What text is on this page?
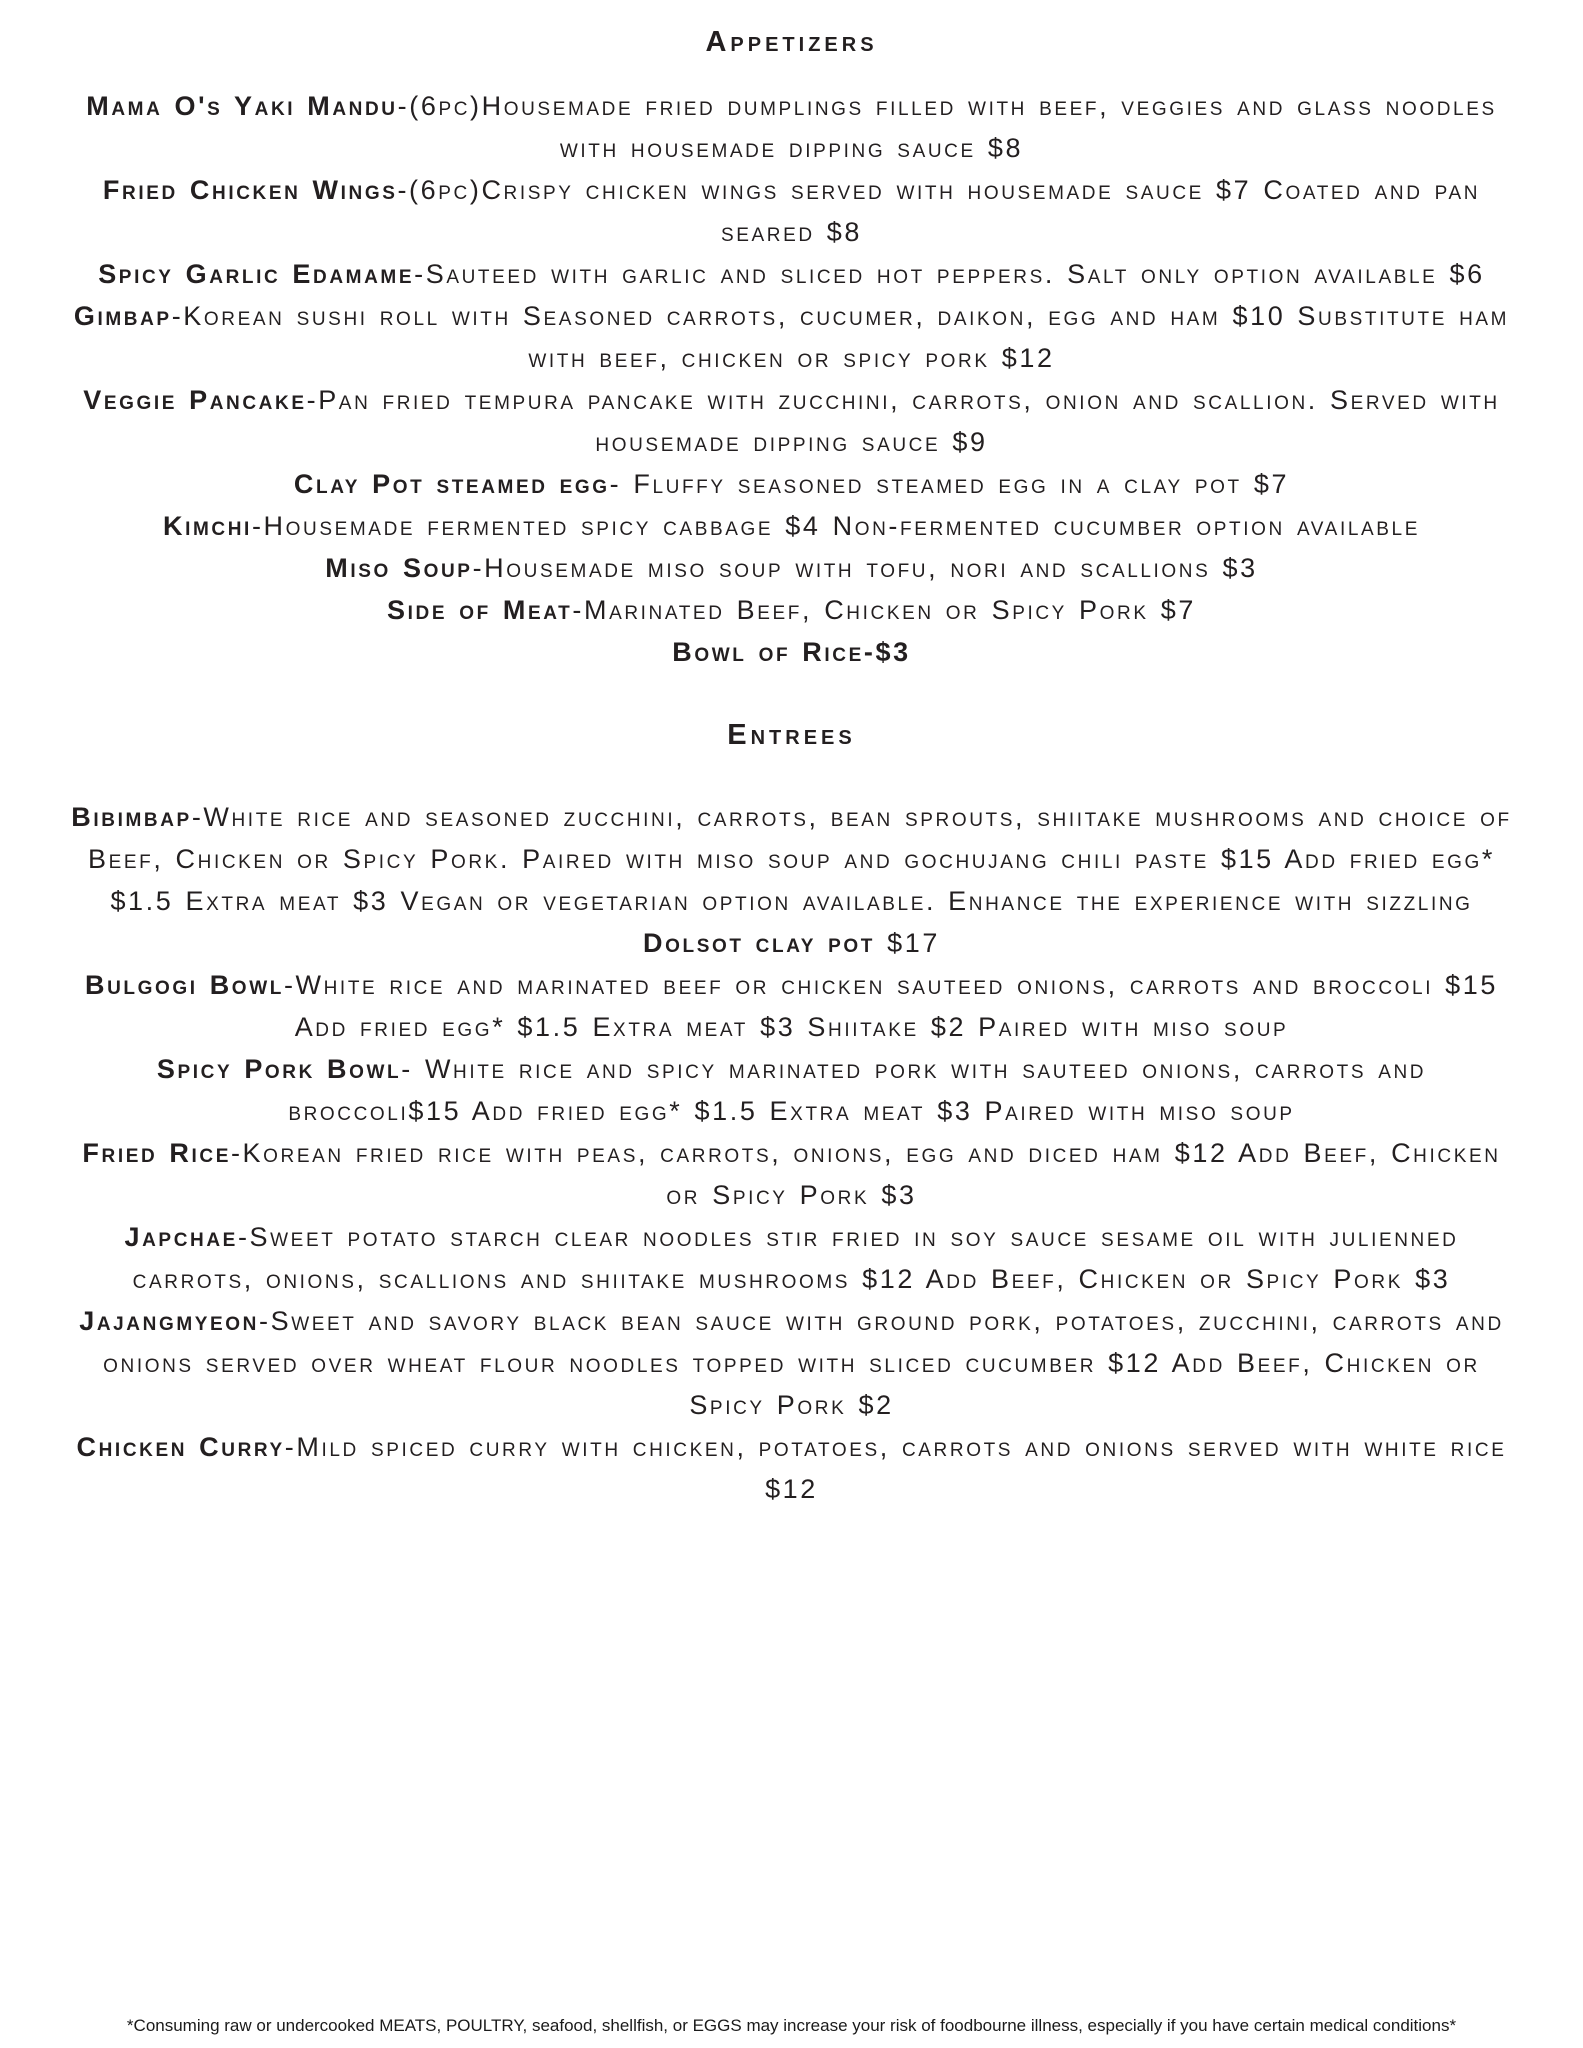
Appetizers

Mama O's Yaki Mandu-(6pc)Housemade fried dumplings filled with beef, veggies and glass noodles with housemade dipping sauce $8

Fried Chicken Wings-(6pc)Crispy chicken wings served with housemade sauce $7 Coated and pan seared $8

Spicy Garlic Edamame-Sauteed with garlic and sliced hot peppers. Salt only option available $6

Gimbap-Korean sushi roll with Seasoned carrots, cucumer, daikon, egg and ham $10 Substitute ham with beef, chicken or spicy pork $12

Veggie Pancake-Pan fried tempura pancake with zucchini, carrots, onion and scallion. Served with housemade dipping sauce $9

Clay Pot steamed egg- Fluffy seasoned steamed egg in a clay pot $7

Kimchi-Housemade fermented spicy cabbage $4 Non-fermented cucumber option available

Miso Soup-Housemade miso soup with tofu, nori and scallions $3

Side of Meat-Marinated Beef, Chicken or Spicy Pork $7

Bowl of Rice-$3

Entrees

Bibimbap-White rice and seasoned zucchini, carrots, bean sprouts, shiitake mushrooms and choice of Beef, Chicken or Spicy Pork. Paired with miso soup and gochujang chili paste $15 Add fried egg* $1.5 Extra meat $3 Vegan or vegetarian option available. Enhance the experience with sizzling Dolsot clay pot $17

Bulgogi Bowl-White rice and marinated beef or chicken sauteed onions, carrots and broccoli $15 Add fried egg* $1.5 Extra meat $3 Shiitake $2 Paired with miso soup

Spicy Pork Bowl- White rice and spicy marinated pork with sauteed onions, carrots and broccoli$15 Add fried egg* $1.5 Extra meat $3 Paired with miso soup

Fried Rice-Korean fried rice with peas, carrots, onions, egg and diced ham $12 Add Beef, Chicken or Spicy Pork $3

Japchae-Sweet potato starch clear noodles stir fried in soy sauce sesame oil with julienned carrots, onions, scallions and shiitake mushrooms $12 Add Beef, Chicken or Spicy Pork $3

Jajangmyeon-Sweet and savory black bean sauce with ground pork, potatoes, zucchini, carrots and onions served over wheat flour noodles topped with sliced cucumber $12 Add Beef, Chicken or Spicy Pork $2

Chicken Curry-Mild spiced curry with chicken, potatoes, carrots and onions served with white rice $12

*Consuming raw or undercooked MEATS, POULTRY, seafood, shellfish, or EGGS may increase your risk of foodbourne illness, especially if you have certain medical conditions*
